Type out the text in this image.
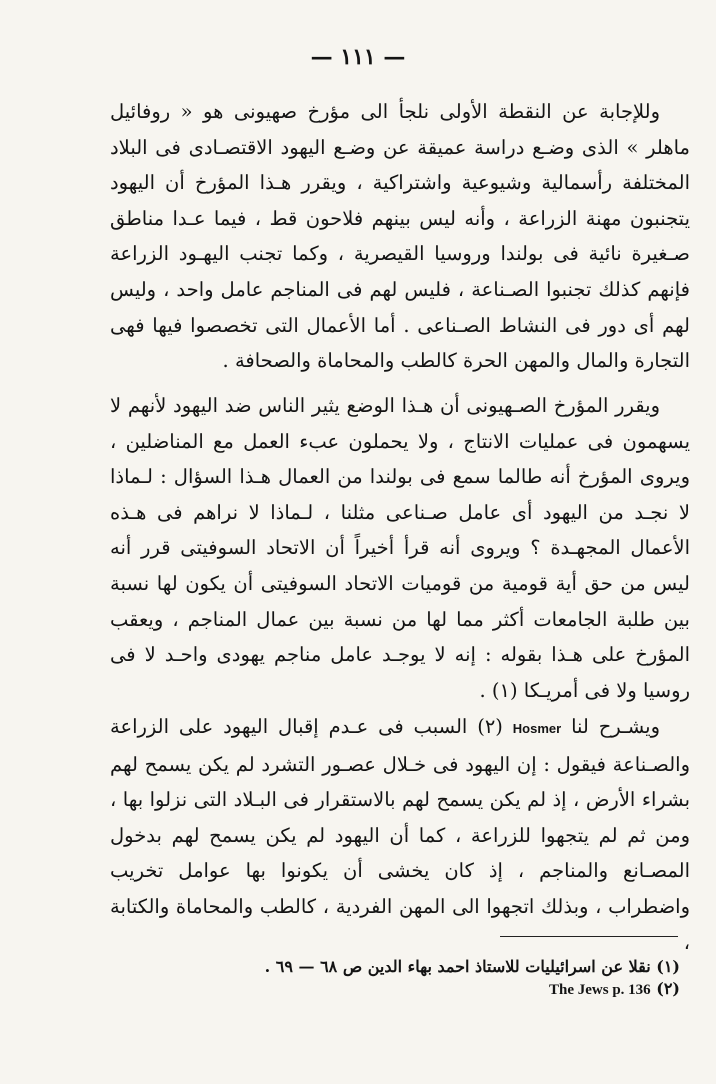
— ١١١ —

وللإجابة عن النقطة الأولى نلجأ الى مؤرخ صهيونى هو « روفائيل ماهلر » الذى وضـع دراسة عميقة عن وضـع اليهود الاقتصـادى فى البلاد المختلفة رأسمالية وشيوعية واشتراكية ، ويقرر هـذا المؤرخ أن اليهود يتجنبون مهنة الزراعة ، وأنه ليس بينهم فلاحون قط ، فيما عـدا مناطق صـغيرة نائية فى بولندا وروسيا القيصرية ، وكما تجنب اليهـود الزراعة فإنهم كذلك تجنبوا الصـناعة ، فليس لهم فى المناجم عامل واحد ، وليس لهم أى دور فى النشاط الصـناعى . أما الأعمال التى تخصصوا فيها فهى التجارة والمال والمهن الحرة كالطب والمحاماة والصحافة .

ويقرر المؤرخ الصـهيونى أن هـذا الوضع يثير الناس ضد اليهود لأنهم لا يسهمون فى عمليات الانتاج ، ولا يحملون عبء العمل مع المناضلين ، ويروى المؤرخ أنه طالما سمع فى بولندا من العمال هـذا السؤال : لـماذا لا نجـد من اليهود أى عامل صـناعى مثلنا ، لـماذا لا نراهم فى هـذه الأعمال المجهـدة ؟ ويروى أنه قرأ أخيراً أن الاتحاد السوفيتى قرر أنه ليس من حق أية قومية من قوميات الاتحاد السوفيتى أن يكون لها نسبة بين طلبة الجامعات أكثر مما لها من نسبة بين عمال المناجم ، ويعقب المؤرخ على هـذا بقوله : إنه لا يوجـد عامل مناجم يهودى واحـد لا فى روسيا ولا فى أمريـكا (١) .

ويشـرح لنا Hosmer (٢) السبب فى عـدم إقبال اليهود على الزراعة والصـناعة فيقول : إن اليهود فى خـلال عصـور التشرد لم يكن يسمح لهم بشراء الأرض ، إذ لم يكن يسمح لهم بالاستقرار فى البـلاد التى نزلوا بها ، ومن ثم لم يتجهوا للزراعة ، كما أن اليهود لم يكن يسمح لهم بدخول المصـانع والمناجم ، إذ كان يخشى أن يكونوا بها عوامل تخريب واضطراب ، وبذلك اتجهوا الى المهن الفردية ، كالطب والمحاماة والكتابة ،

(١) نقلا عن اسرائيليات للاستاذ احمد بهاء الدين ص ٦٨ — ٦٩ .
(٢) The Jews p. 136
